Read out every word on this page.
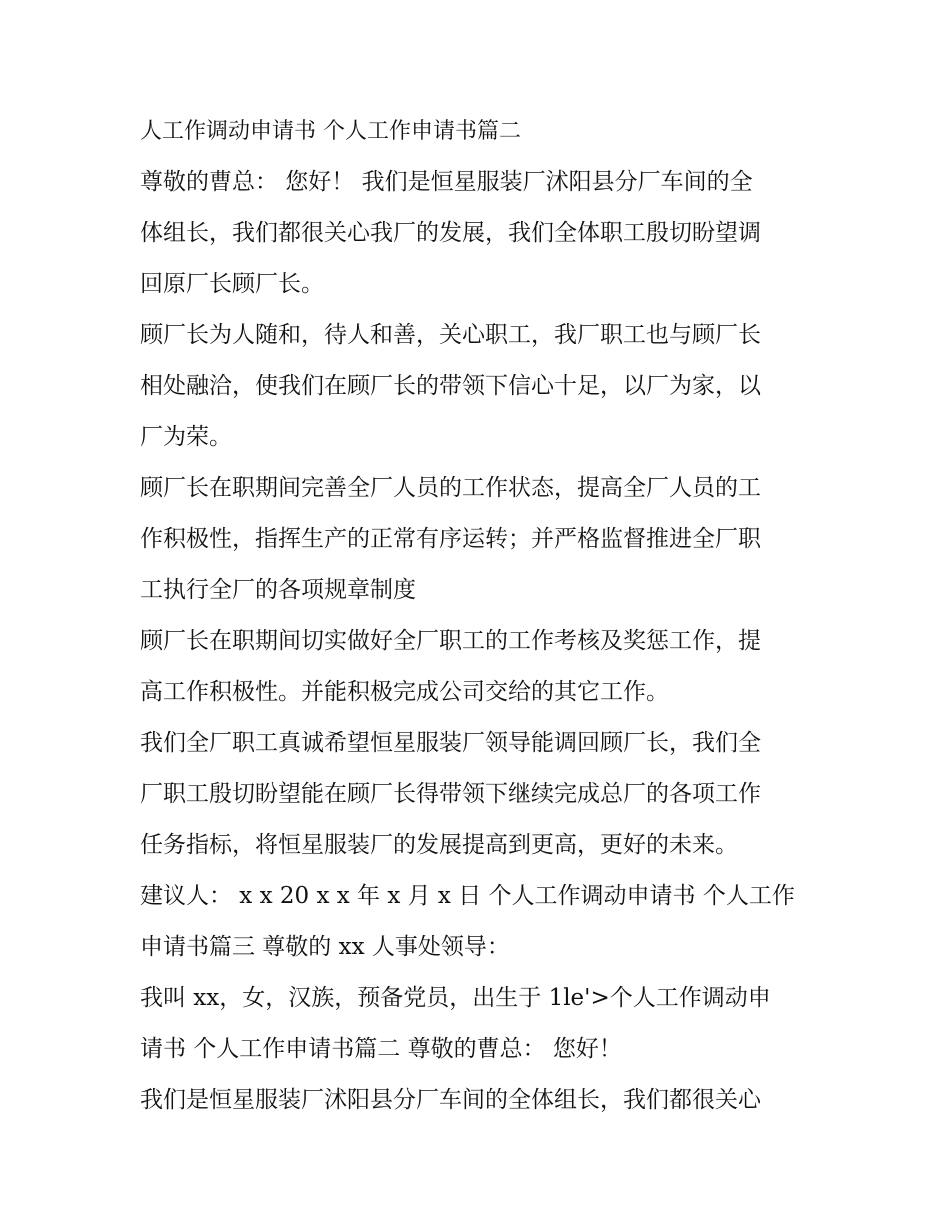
人工作调动申请书 个人工作申请书篇二
尊敬的曹总： 您好！ 我们是恒星服装厂沭阳县分厂车间的全
体组长，我们都很关心我厂的发展，我们全体职工殷切盼望调
回原厂长顾厂长。
顾厂长为人随和，待人和善，关心职工，我厂职工也与顾厂长
相处融洽，使我们在顾厂长的带领下信心十足，以厂为家，以
厂为荣。
顾厂长在职期间完善全厂人员的工作状态，提高全厂人员的工
作积极性，指挥生产的正常有序运转；并严格监督推进全厂职
工执行全厂的各项规章制度
顾厂长在职期间切实做好全厂职工的工作考核及奖惩工作，提
高工作积极性。并能积极完成公司交给的其它工作。
我们全厂职工真诚希望恒星服装厂领导能调回顾厂长，我们全
厂职工殷切盼望能在顾厂长得带领下继续完成总厂的各项工作
任务指标，将恒星服装厂的发展提高到更高，更好的未来。
建议人： x x 20 x x 年 x 月 x 日 个人工作调动申请书 个人工作
申请书篇三 尊敬的 xx 人事处领导：
我叫 xx，女，汉族，预备党员，出生于 1le'>个人工作调动申
请书 个人工作申请书篇二 尊敬的曹总： 您好！
我们是恒星服装厂沭阳县分厂车间的全体组长，我们都很关心
